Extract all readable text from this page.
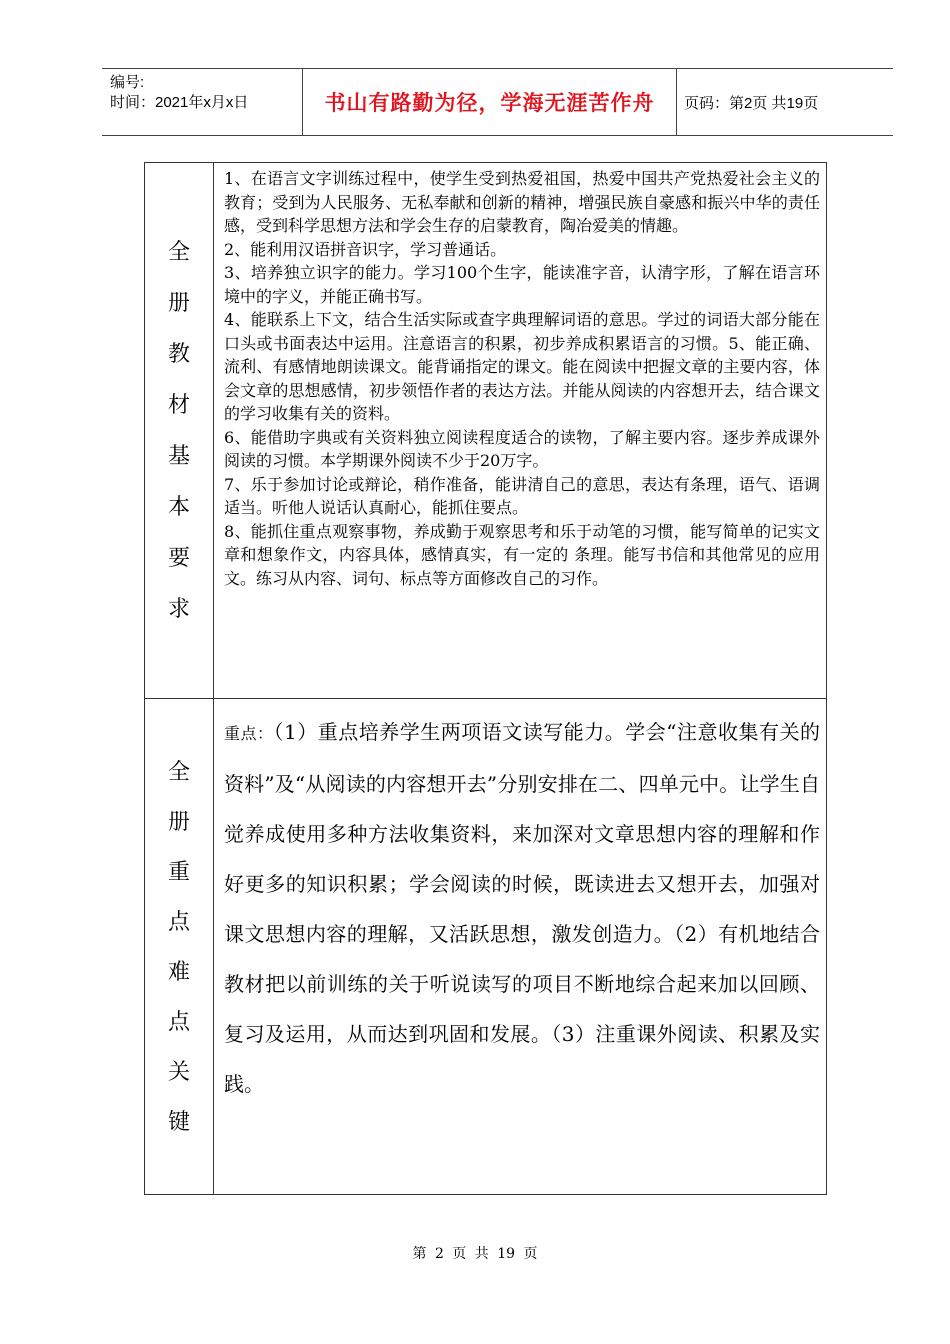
编号:
时间：2021年x月x日	书山有路勤为径，学海无涯苦作舟	页码：第2页 共19页
全
册
教
材
基
本
要
求

1、在语言文字训练过程中，使学生受到热爱祖国，热爱中国共产党热爱社会主义的教育；受到为人民服务、无私奉献和创新的精神，增强民族自豪感和振兴中华的责任感，受到科学思想方法和学会生存的启蒙教育，陶冶爱美的情趣。

2、能利用汉语拼音识字，学习普通话。

3、培养独立识字的能力。学习100个生字，能读准字音，认清字形，了解在语言环境中的字义，并能正确书写。

4、能联系上下文，结合生活实际或查字典理解词语的意思。学过的词语大部分能在口头或书面表达中运用。注意语言的积累，初步养成积累语言的习惯。5、能正确、流利、有感情地朗读课文。能背诵指定的课文。能在阅读中把握文章的主要内容，体会文章的思想感情，初步领悟作者的表达方法。并能从阅读的内容想开去，结合课文的学习收集有关的资料。

6、能借助字典或有关资料独立阅读程度适合的读物，了解主要内容。逐步养成课外阅读的习惯。本学期课外阅读不少于20万字。

7、乐于参加讨论或辩论，稍作准备，能讲清自己的意思，表达有条理，语气、语调适当。听他人说话认真耐心，能抓住要点。

8、能抓住重点观察事物，养成勤于观察思考和乐于动笔的习惯，能写简单的记实文章和想象作文，内容具体，感情真实，有一定的 条理。能写书信和其他常见的应用文。练习从内容、词句、标点等方面修改自己的习作。

全
册
重
点
难
点
关
键
重点：（1）重点培养学生两项语文读写能力。学会“注意收集有关的资料”及“从阅读的内容想开去”分别安排在二、四单元中。让学生自觉养成使用多种方法收集资料，来加深对文章思想内容的理解和作好更多的知识积累；学会阅读的时候，既读进去又想开去，加强对课文思想内容的理解，又活跃思想，激发创造力。（2）有机地结合教材把以前训练的关于听说读写的项目不断地综合起来加以回顾、复习及运用，从而达到巩固和发展。（3）注重课外阅读、积累及实践。
第 2 页 共 19 页
